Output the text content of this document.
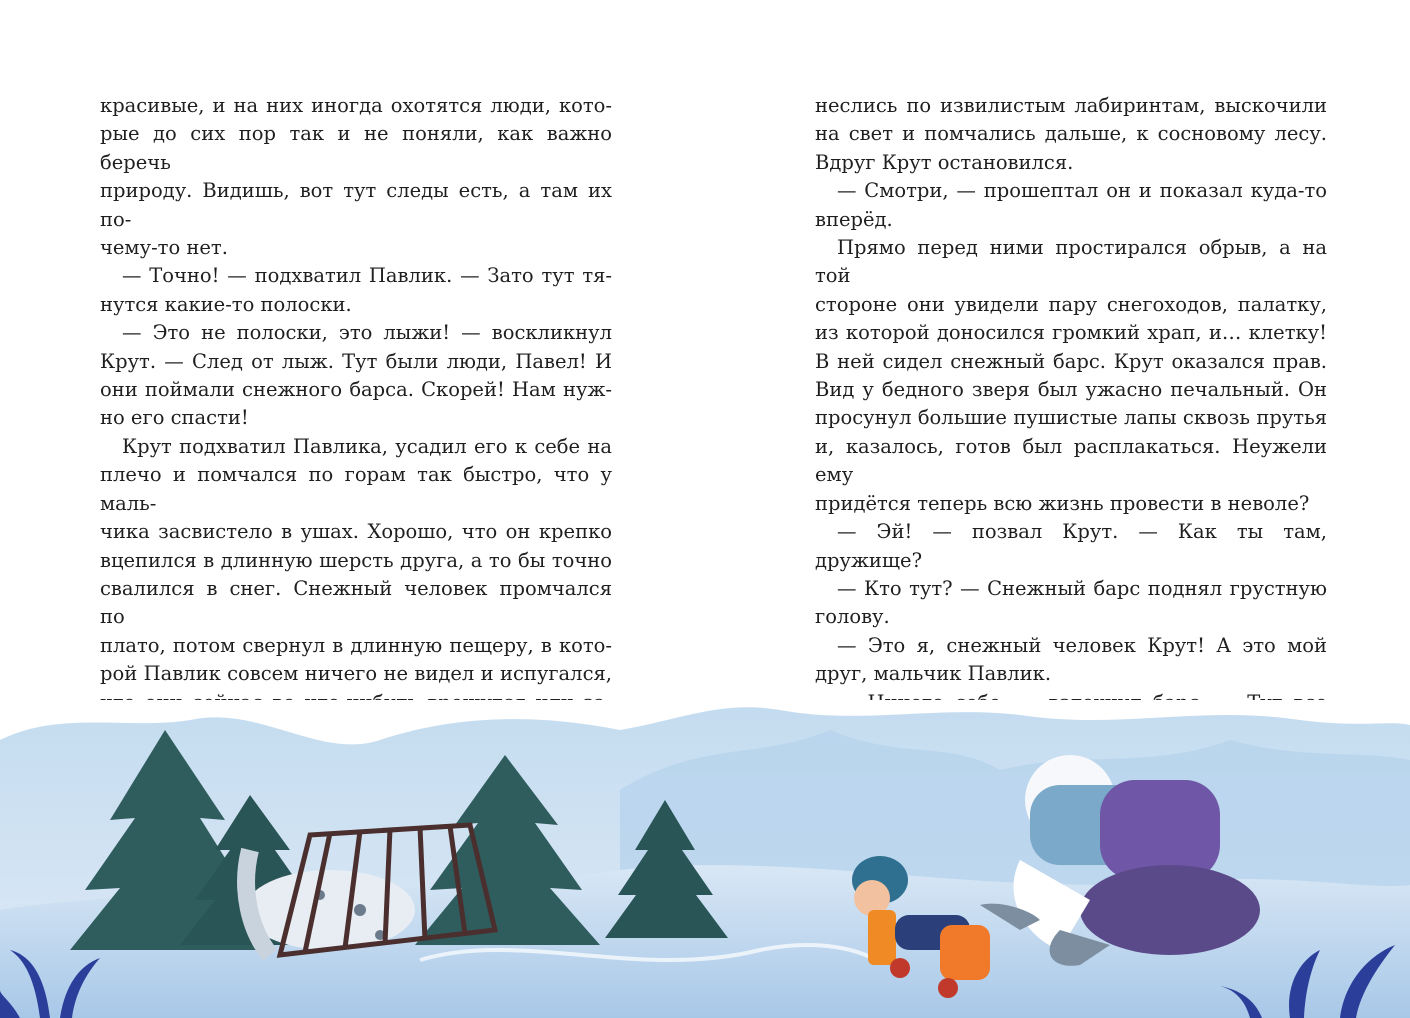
красивые, и на них иногда охотятся люди, кото-

рые до сих пор так и не поняли, как важно беречь

природу. Видишь, вот тут следы есть, а там их по-

чему-то нет.

— Точно! — подхватил Павлик. — Зато тут тя-

нутся какие-то полоски.

— Это не полоски, это лыжи! — воскликнул

Крут. — След от лыж. Тут были люди, Павел! И

они поймали снежного барса. Скорей! Нам нуж-

но его спасти!

Крут подхватил Павлика, усадил его к себе на

плечо и помчался по горам так быстро, что у маль-

чика засвистело в ушах. Хорошо, что он крепко

вцепился в длинную шерсть друга, а то бы точно

свалился в снег. Снежный человек промчался по

плато, потом свернул в длинную пещеру, в кото-

рой Павлик совсем ничего не видел и испугался,

неслись по извилистым лабиринтам, выскочили

на свет и помчались дальше, к сосновому лесу.

Вдруг Крут остановился.

— Смотри, — прошептал он и показал куда-то

вперёд.

Прямо перед ними простирался обрыв, а на той

стороне они увидели пару снегоходов, палатку,

из которой доносился громкий храп, и… клетку!

В ней сидел снежный барс. Крут оказался прав.

Вид у бедного зверя был ужасно печальный. Он

просунул большие пушистые лапы сквозь прутья

и, казалось, готов был расплакаться. Неужели ему

придётся теперь всю жизнь провести в неволе?

— Эй! — позвал Крут. — Как ты там, дружище?

— Кто тут? — Снежный барс поднял грустную

голову.

— Это я, снежный человек Крут! А это мой

друг, мальчик Павлик.
